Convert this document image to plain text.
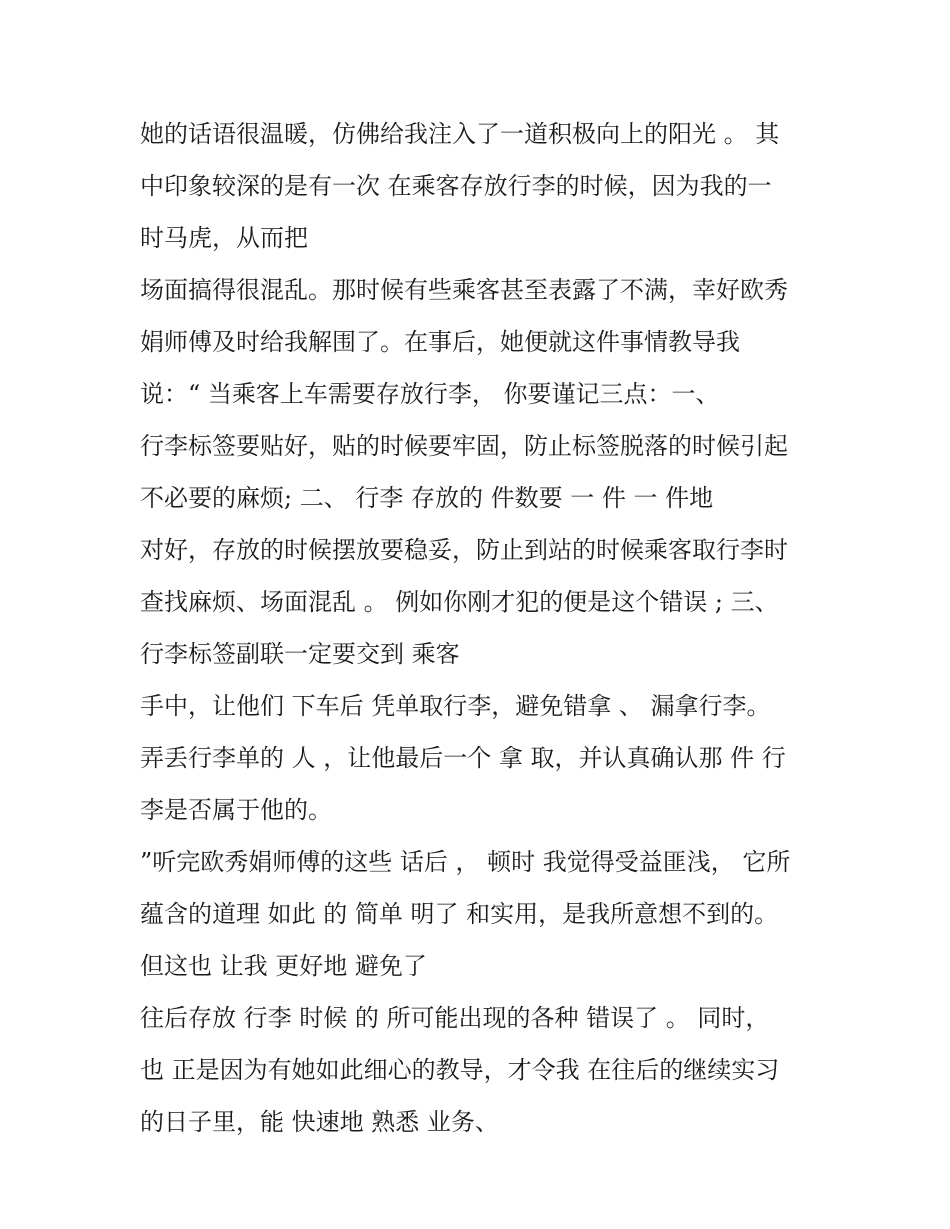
她的话语很温暖，仿佛给我注入了一道积极向上的阳光 。 其
中印象较深的是有一次 在乘客存放行李的时候，因为我的一
时马虎，从而把
场面搞得很混乱。那时候有些乘客甚至表露了不满，幸好欧秀
娟师傅及时给我解围了。在事后，她便就这件事情教导我
说：“ 当乘客上车需要存放行李， 你要谨记三点：一、
行李标签要贴好，贴的时候要牢固，防止标签脱落的时候引起
不必要的麻烦; 二、 行李 存放的 件数要 一 件 一 件地
对好，存放的时候摆放要稳妥，防止到站的时候乘客取行李时
查找麻烦、场面混乱 。 例如你刚才犯的便是这个错误 ; 三、
行李标签副联一定要交到 乘客
手中，让他们 下车后 凭单取行李，避免错拿 、 漏拿行李。
弄丢行李单的 人 ，让他最后一个 拿 取，并认真确认那 件 行
李是否属于他的。
”听完欧秀娟师傅的这些 话后 ， 顿时 我觉得受益匪浅， 它所
蕴含的道理 如此 的 简单 明了 和实用，是我所意想不到的。
但这也 让我 更好地 避免了
往后存放 行李 时候 的 所可能出现的各种 错误了 。 同时，
也 正是因为有她如此细心的教导，才令我 在往后的继续实习
的日子里，能 快速地 熟悉 业务、
